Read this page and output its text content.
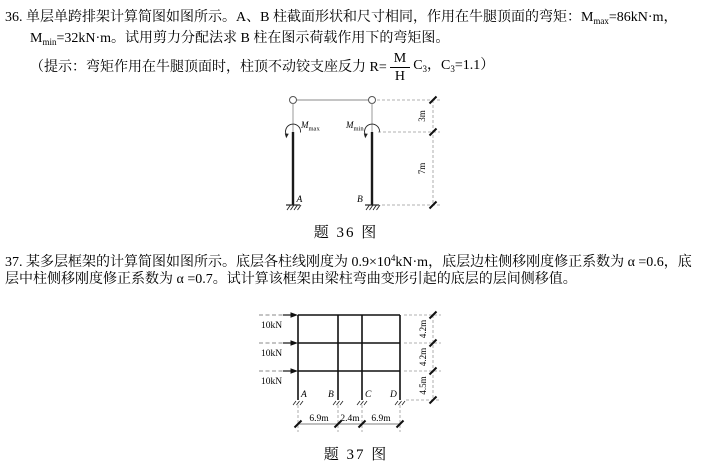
36. 单层单跨排架计算简图如图所示。A、B 柱截面形状和尺寸相同，作用在牛腿顶面的弯矩：$M_{max}=86kN\cdot m$，
$M_{min}=32kN\cdot m$。试用剪力分配法求 B 柱在图示荷载作用下的弯矩图。
（提示：弯矩作用在牛腿顶面时，柱顶不动铰支座反力 $R= \frac{M}{H} C_3$，$C_3=1.1$）
$M_{max}$	$M_{min}$
A	B
3m
7m
题 36 图
37. 某多层框架的计算简图如图所示。底层各柱线刚度为 $0.9\times 10^4kN\cdot m$，底层边柱侧移刚度修正系数为 α =0.6，底
层中柱侧移刚度修正系数为 α =0.7。试计算该框架由梁柱弯曲变形引起的底层的层间侧移值。
10kN
10kN
10kN
A B	C D
4.2m
4.2m
4.5m
6.9m 2.4m 6.9m
题 37 图
